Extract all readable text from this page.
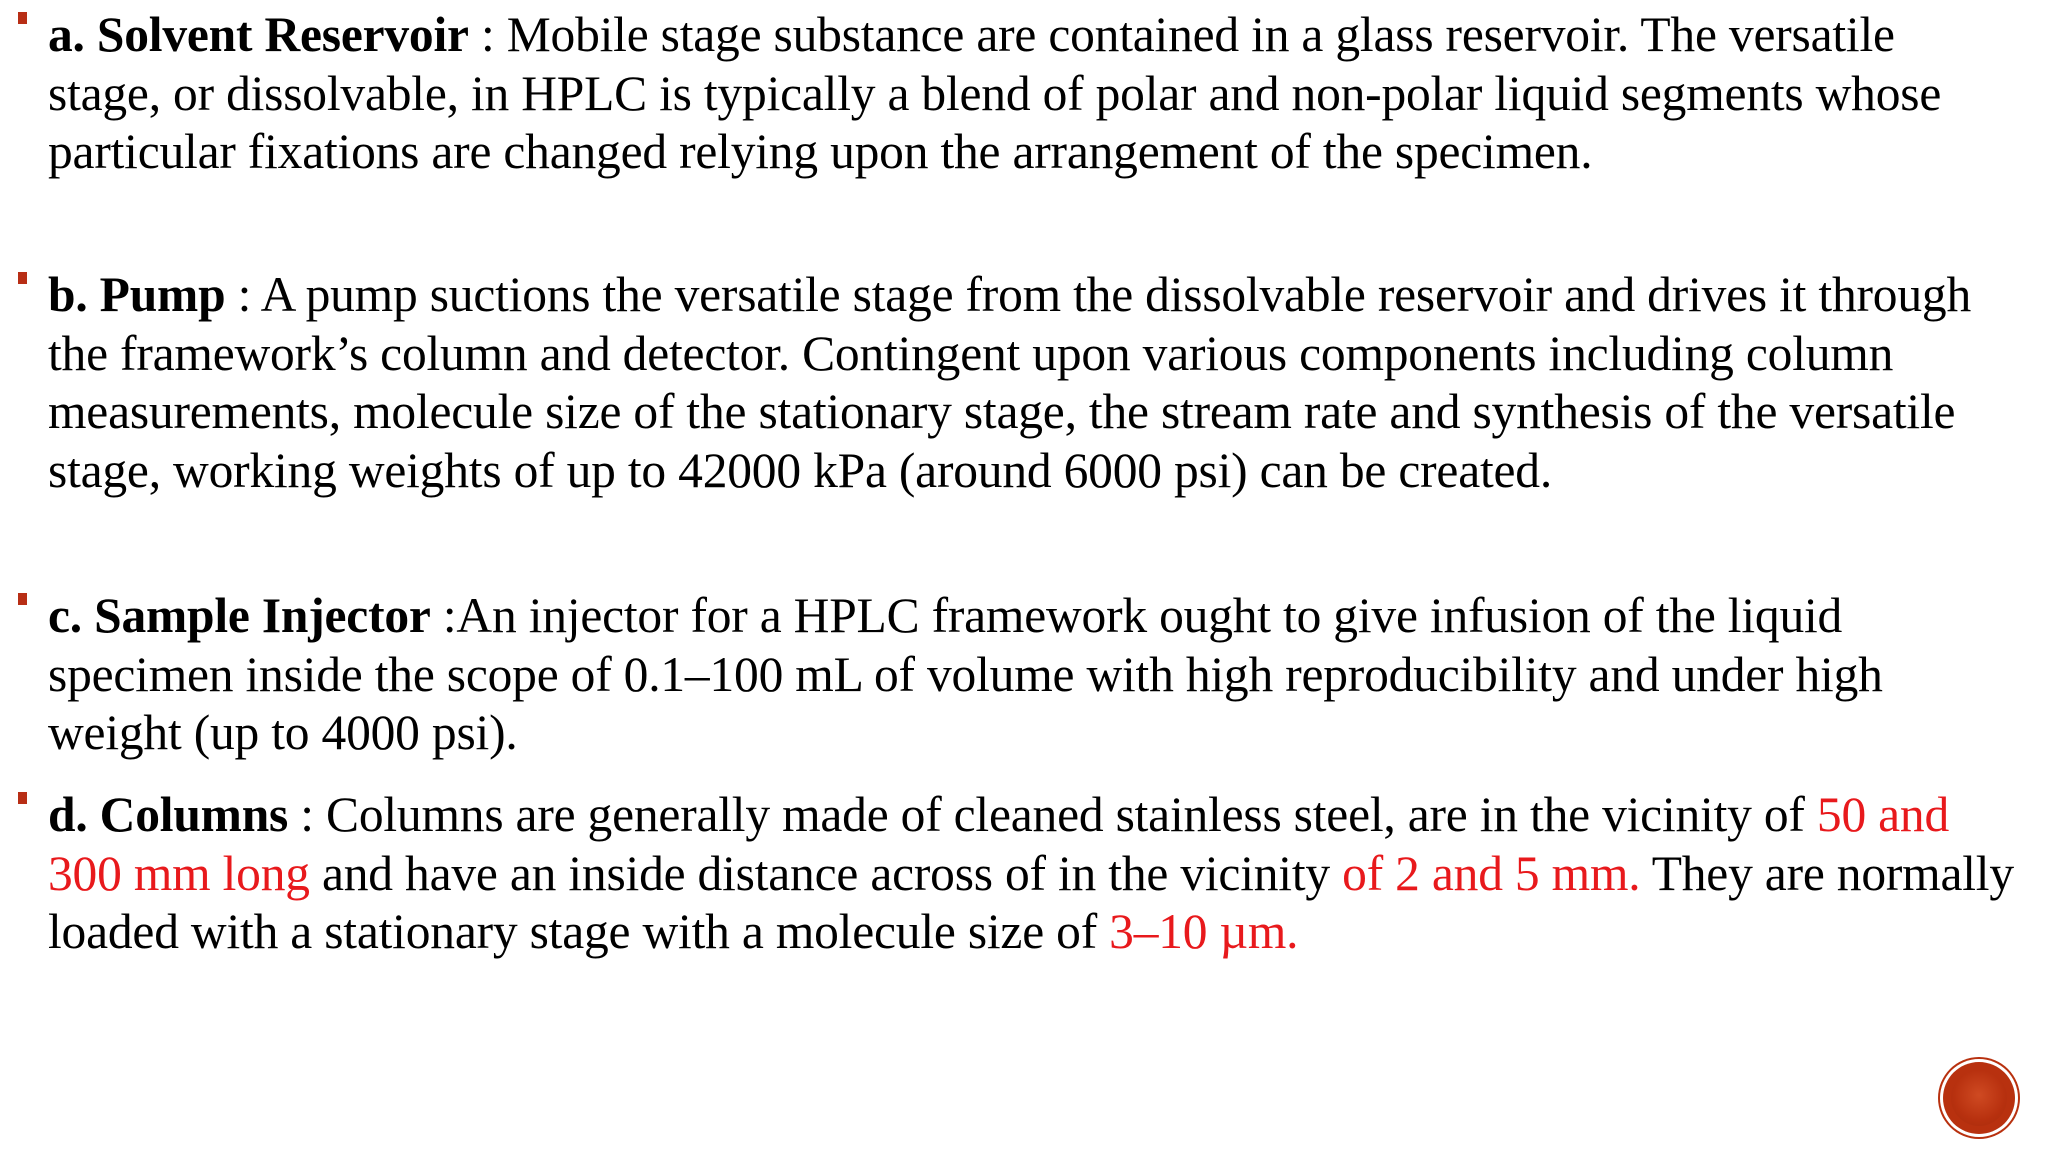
a. Solvent Reservoir : Mobile stage substance are contained in a glass reservoir. The versatile stage, or dissolvable, in HPLC is typically a blend of polar and non-polar liquid segments whose particular fixations are changed relying upon the arrangement of the specimen.
b. Pump : A pump suctions the versatile stage from the dissolvable reservoir and drives it through the framework’s column and detector. Contingent upon various components including column measurements, molecule size of the stationary stage, the stream rate and synthesis of the versatile stage, working weights of up to 42000 kPa (around 6000 psi) can be created.
c. Sample Injector :An injector for a HPLC framework ought to give infusion of the liquid specimen inside the scope of 0.1–100 mL of volume with high reproducibility and under high weight (up to 4000 psi).
d. Columns : Columns are generally made of cleaned stainless steel, are in the vicinity of 50 and 300 mm long and have an inside distance across of in the vicinity of 2 and 5 mm. They are normally loaded with a stationary stage with a molecule size of 3–10 µm.
